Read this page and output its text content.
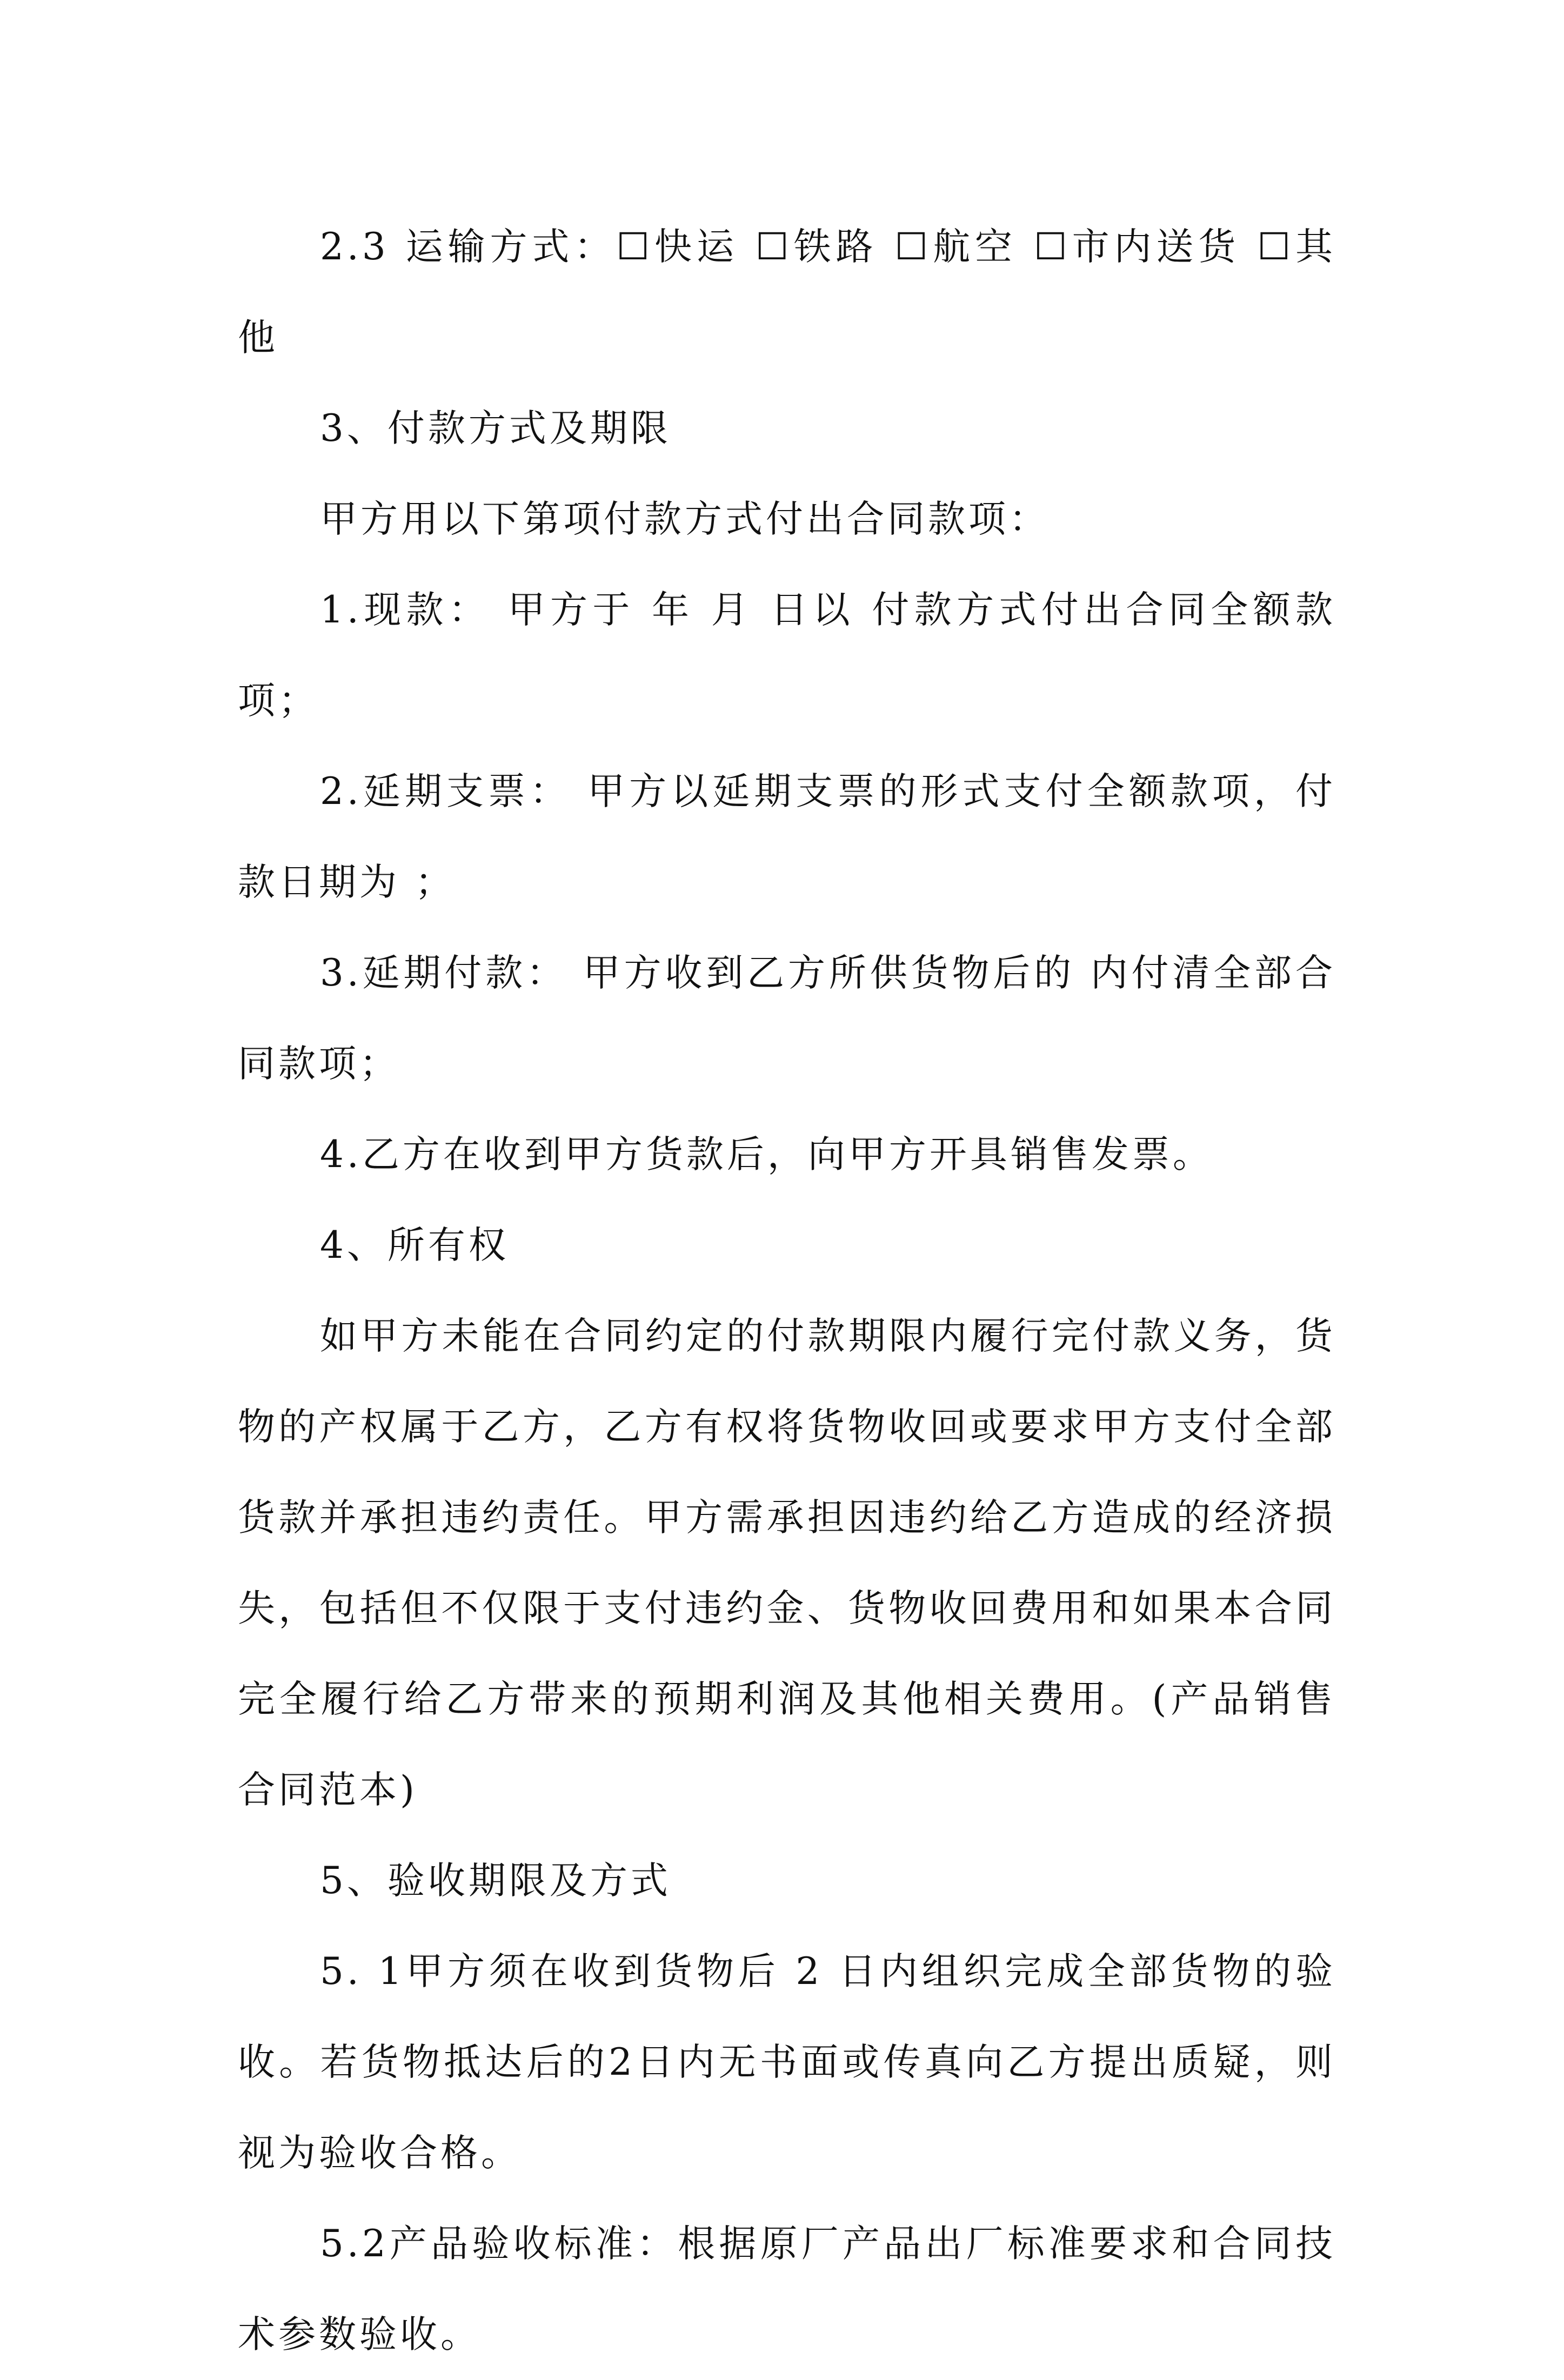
2.3 运输方式：☐快运 ☐铁路 ☐航空 ☐市内送货 ☐其他

3、付款方式及期限

甲方用以下第项付款方式付出合同款项：

1.现款： 甲方于 年 月 日以 付款方式付出合同全额款项；

2.延期支票： 甲方以延期支票的形式支付全额款项，付款日期为 ；

3.延期付款： 甲方收到乙方所供货物后的 内付清全部合同款项；

4.乙方在收到甲方货款后，向甲方开具销售发票。

4、所有权

如甲方未能在合同约定的付款期限内履行完付款义务，货物的产权属于乙方，乙方有权将货物收回或要求甲方支付全部货款并承担违约责任。甲方需承担因违约给乙方造成的经济损失，包括但不仅限于支付违约金、货物收回费用和如果本合同完全履行给乙方带来的预期利润及其他相关费用。(产品销售合同范本)

5、验收期限及方式

5. 1甲方须在收到货物后 2 日内组织完成全部货物的验收。若货物抵达后的2日内无书面或传真向乙方提出质疑，则视为验收合格。

5.2产品验收标准：根据原厂产品出厂标准要求和合同技术参数验收。
